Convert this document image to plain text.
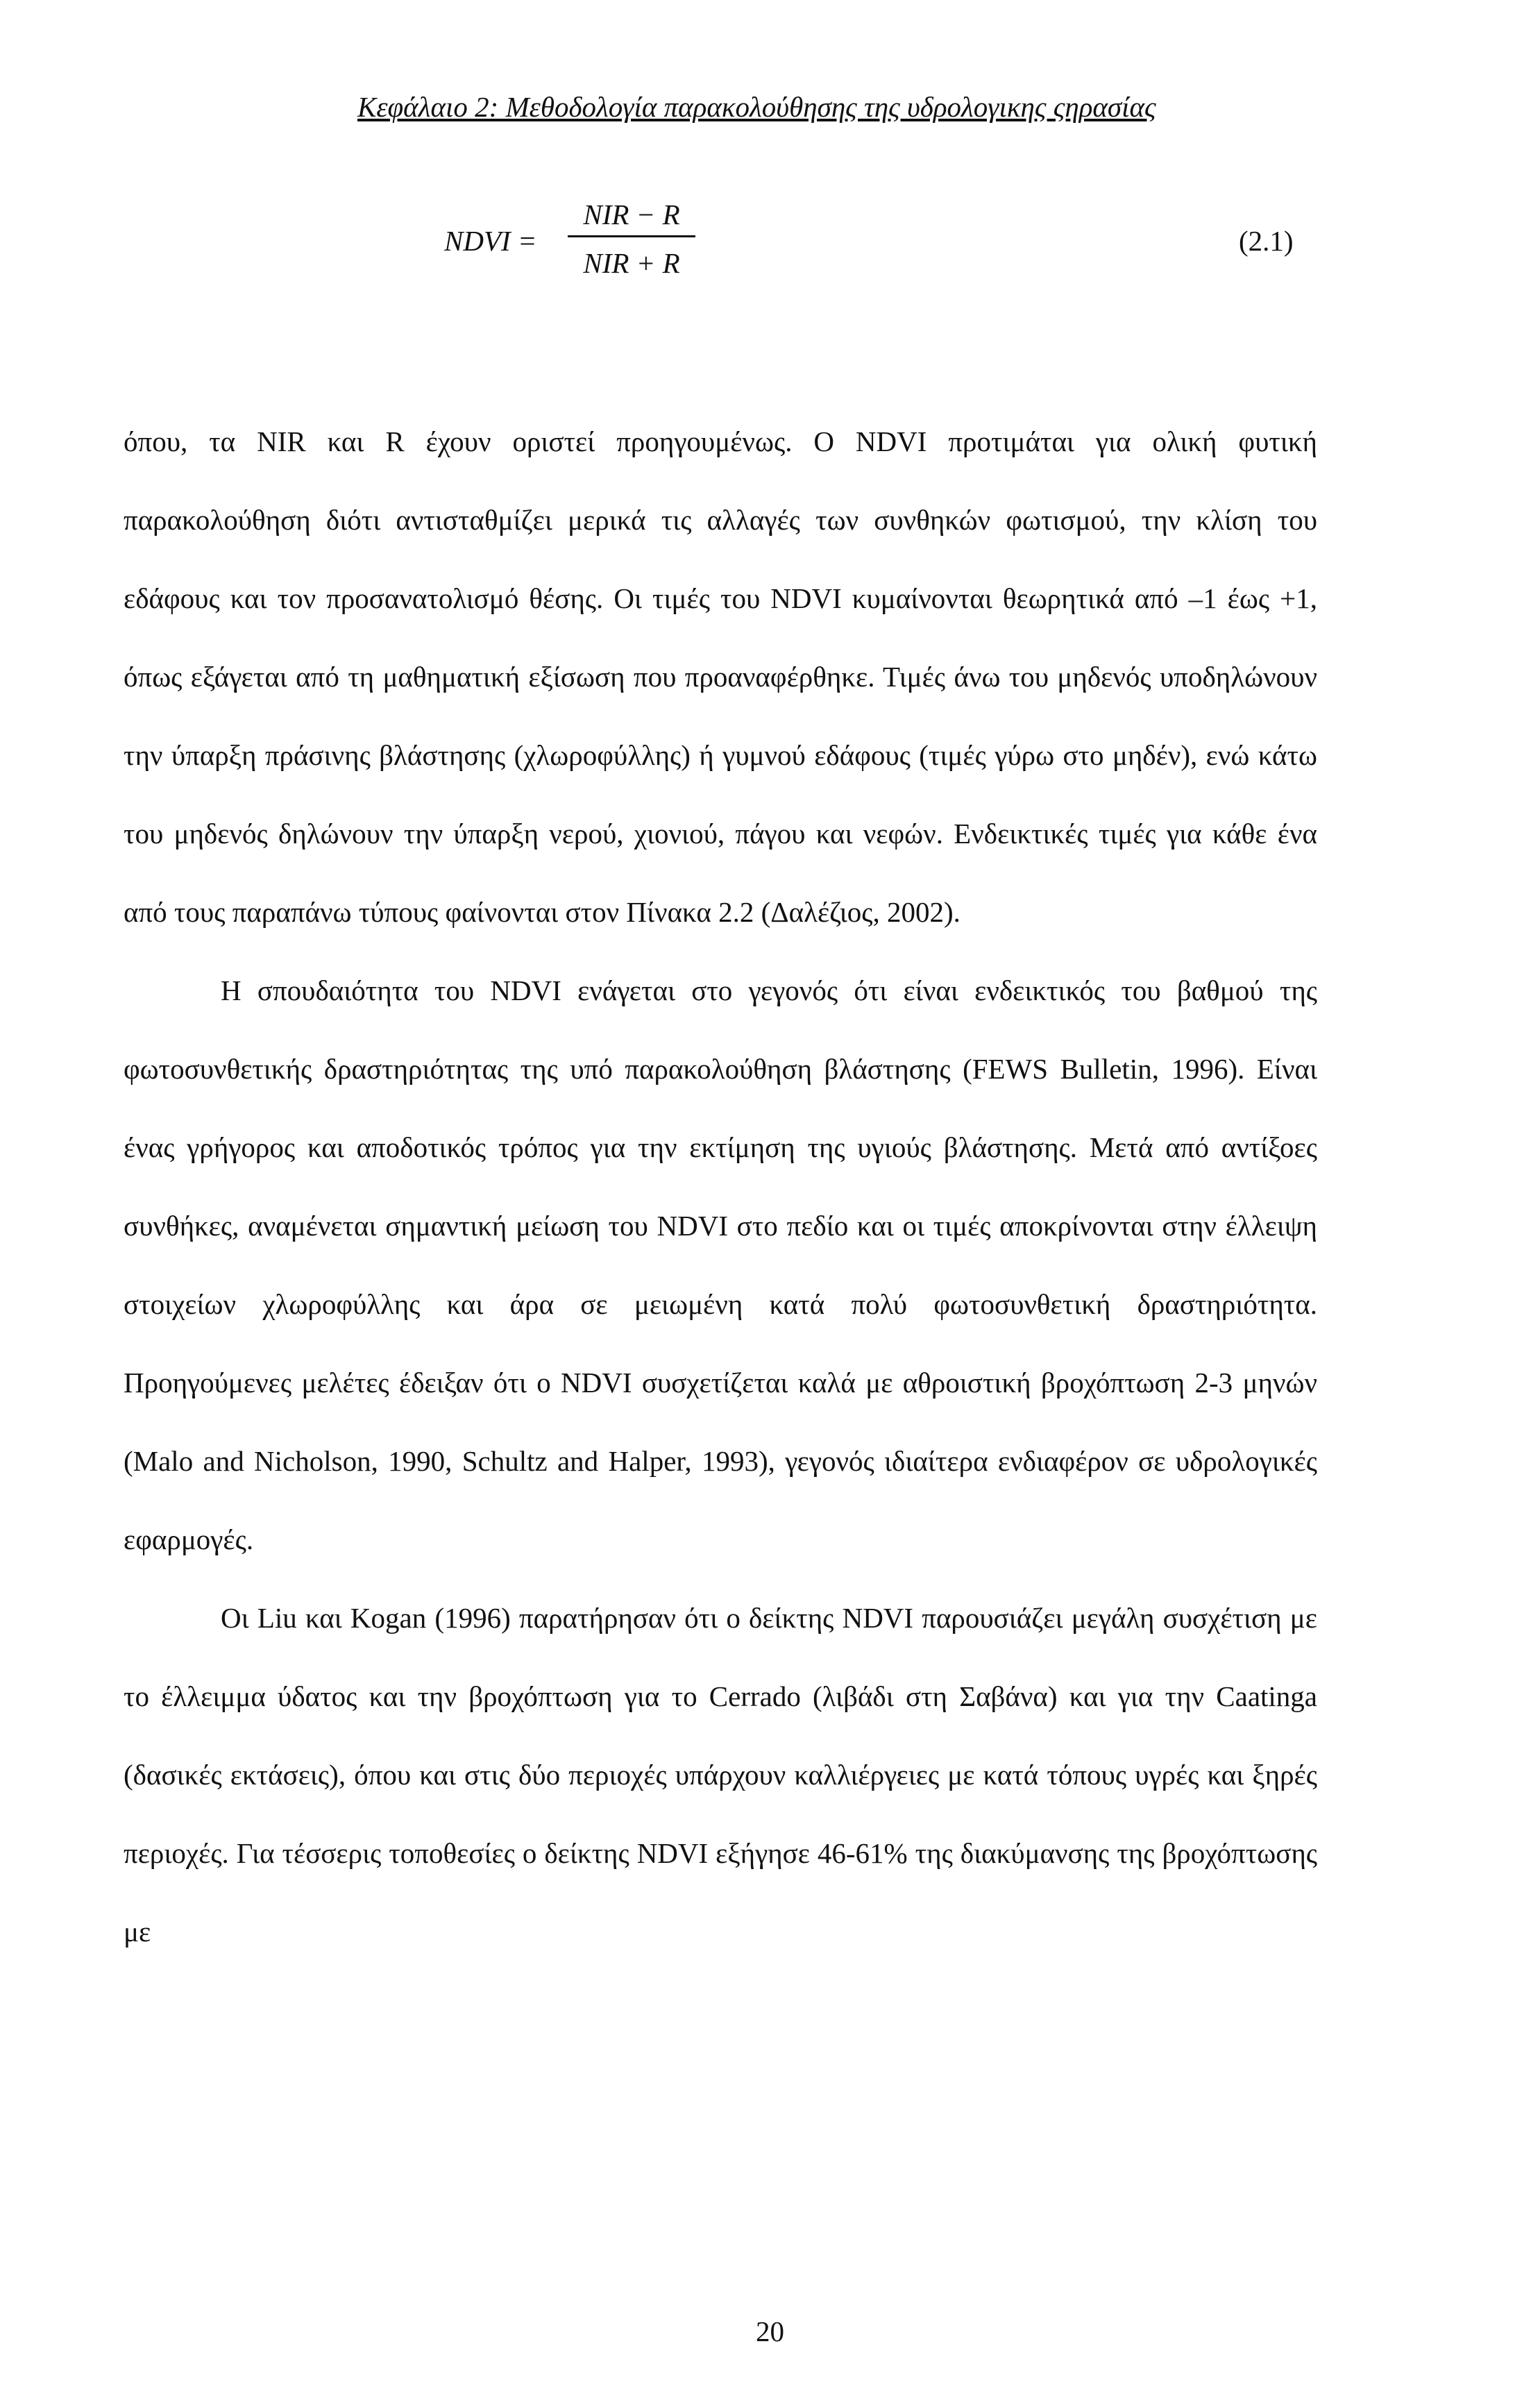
Κεφάλαιο 2: Μεθοδολογία παρακολούθησης της υδρολογικης ςηρασίας
NDVI =
NIR − R
NIR + R
(2.1)

όπου, τα NIR και R έχουν οριστεί προηγουμένως. Ο NDVI προτιμάται για ολική φυτική παρακολούθηση διότι αντισταθμίζει μερικά τις αλλαγές των συνθηκών φωτισμού, την κλίση του εδάφους και τον προσανατολισμό θέσης. Οι τιμές του NDVI κυμαίνονται θεωρητικά από –1 έως +1, όπως εξάγεται από τη μαθηματική εξίσωση που προαναφέρθηκε. Τιμές άνω του μηδενός υποδηλώνουν την ύπαρξη πράσινης βλάστησης (χλωροφύλλης) ή γυμνού εδάφους (τιμές γύρω στο μηδέν), ενώ κάτω του μηδενός δηλώνουν την ύπαρξη νερού, χιονιού, πάγου και νεφών. Ενδεικτικές τιμές για κάθε ένα από τους παραπάνω τύπους φαίνονται στον Πίνακα 2.2 (Δαλέζιος, 2002).

Η σπουδαιότητα του NDVI ενάγεται στο γεγονός ότι είναι ενδεικτικός του βαθμού της φωτοσυνθετικής δραστηριότητας της υπό παρακολούθηση βλάστησης (FEWS Bulletin, 1996). Είναι ένας γρήγορος και αποδοτικός τρόπος για την εκτίμηση της υγιούς βλάστησης. Μετά από αντίξοες συνθήκες, αναμένεται σημαντική μείωση του NDVI στο πεδίο και οι τιμές αποκρίνονται στην έλλειψη στοιχείων χλωροφύλλης και άρα σε μειωμένη κατά πολύ φωτοσυνθετική δραστηριότητα. Προηγούμενες μελέτες έδειξαν ότι ο NDVI συσχετίζεται καλά με αθροιστική βροχόπτωση 2-3 μηνών (Malo and Nicholson, 1990, Schultz and Halper, 1993), γεγονός ιδιαίτερα ενδιαφέρον σε υδρολογικές εφαρμογές.

Οι Liu και Kogan (1996) παρατήρησαν ότι ο δείκτης NDVI παρουσιάζει μεγάλη συσχέτιση με το έλλειμμα ύδατος και την βροχόπτωση για το Cerrado (λιβάδι στη Σαβάνα) και για την Caatinga (δασικές εκτάσεις), όπου και στις δύο περιοχές υπάρχουν καλλιέργειες με κατά τόπους υγρές και ξηρές περιοχές. Για τέσσερις τοποθεσίες ο δείκτης NDVI εξήγησε 46-61% της διακύμανσης της βροχόπτωσης με

20
